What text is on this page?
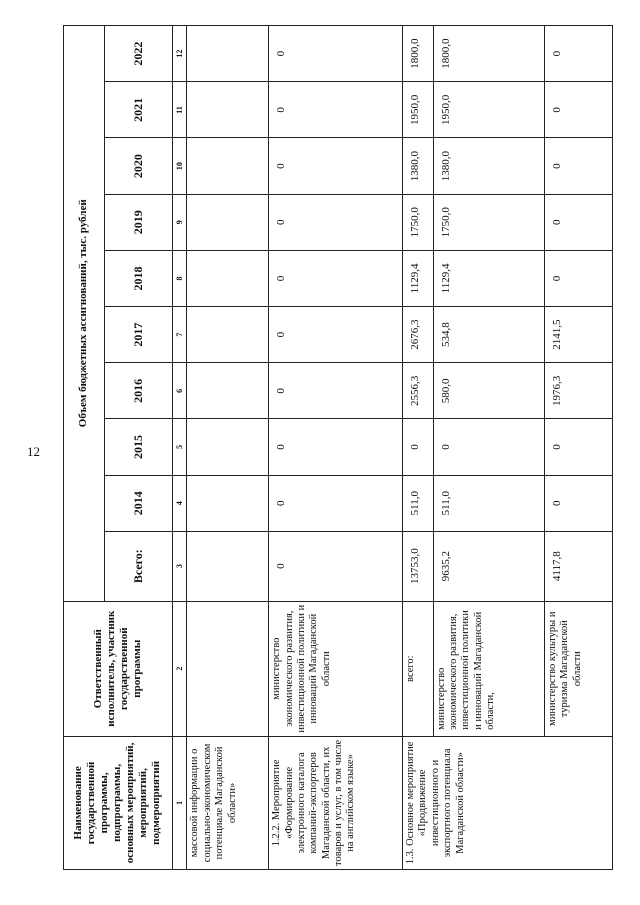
12
Наименование государственной программы, подпрограммы, основных мероприятий, мероприятий, подмероприятий	Ответственный исполнитель, участник государственной программы	Объем бюджетных ассигнований, тыс. рублей									
		Всего:	2014	2015	2016	2017	2018	2019	2020	2021	2022
1	2	3	4	5	6	7	8	9	10	11	12
массовой информации о социально-экономическом потенциале Магаданской области»											
1.2.2. Мероприятие «Формирование электронного каталога компаний-экспортеров Магаданской области, их товаров и услуг, в том числе на английском языке»	министерство экономического развития, инвестиционной политики и инноваций Магаданской области	0	0	0	0	0	0	0	0	0	0
1.3. Основное мероприятие «Продвижение инвестиционного и экспортного потенциала Магаданской области»	всего:	13753,0	511,0	0	2556,3	2676,3	1129,4	1750,0	1380,0	1950,0	1800,0
	министерство экономического развития, инвестиционной политики и инноваций Магаданской области,	9635,2	511,0	0	580,0	534,8	1129,4	1750,0	1380,0	1950,0	1800,0
	министерство культуры и туризма Магаданской области	4117,8	0	0	1976,3	2141,5	0	0	0	0	0
